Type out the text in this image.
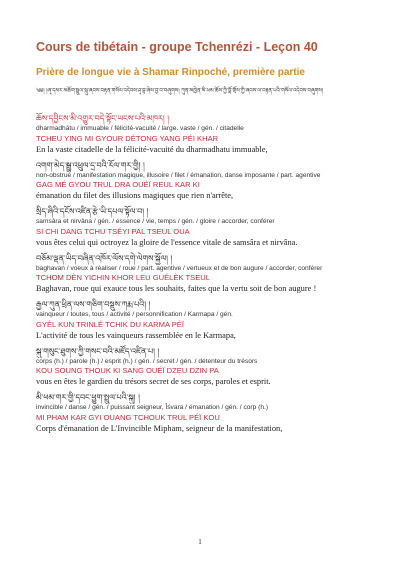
Cours de tibétain - groupe Tchenrézi - Leçon 40
Prière de longue vie à Shamar Rinpoché, première partie
༄༅། །ཞྭ་དམར་མཆོག་སྤྲུལ་སྐུ་ཞབས་བརྟན་གསོལ་འདེབས་ཤྭ་བྷ་ཞེས་བྱ་བ་བཞུགས། ཀུན་མཁྱེན་མི་ཕམ་ཆོས་ཀྱི་བློ་གྲོས་ཀྱི་ཞབས་ལ་བརྟན་པའི་གསོལ་འདེབས་བཞུགས།
ཆོས་དབྱིངས་མི་འགྱུར་བདེ་སྟོང་ཡངས་པའི་མཁར། །
dharmadhātu / immuable / félicité-vacuité / large. vaste / gén. / citadelle
TCHEU YING MI GYOUR DÈTONG YANG PÉI KHAR
En la vaste citadelle de la félicité-vacuité du dharmadhatu immuable,
འགག་མེད་སྒྱུ་འཕྲུལ་དྲ་བའི་རོལ་གར་གྱི། །
non-obstrué / manifestation magique, illusoire / filet / émanation, danse imposante / part. agentive
GAG MÉ GYOU TRUL DRA OUÉÏ REUL KAR KI
émanation du filet des illusions magiques que rien n'arrête,
སྲིད་ཞིའི་དངོས་འཛིན་རྩེ་ཡི་དཔལ་སྟོལ་བ། །
samsâra et nirvâna / gén. / essence / vie, temps / gén. / gloire / accorder, conférer
SI CHI DANG TCHU TSÉYI PAL TSEUL OUA
vous êtes celui qui octroyez la gloire de l'essence vitale de samsâra et nirvâna.
བཅོམ་ལྡན་ཡིད་བཞིན་འཁོར་ལོས་དགེ་ལེགས་སྐྱོལ། །
baghavan / voeux à réaliser / roue / part. agentive / vertueux et de bon augure / accorder, conférer
TCHOM DÈN YICHIN KHOR LEU GUÉLÈK TSEUL
Baghavan, roue qui exauce tous les souhaits, faites que la vertu soit de bon augure !
རྒྱལ་ཀུན་ཕྲིན་ལས་གཅིག་བསྡུས་ཀརྨ་པའི། །
vainqueur / toutes, tous / activité / personnification / Karmapa / gén.
GYÈL KUN TRINLÉ TCHIK DU KARMA PÉÏ
L'activité de tous les vainqueurs rassemblée en le Karmapa,
སྐུ་གསུང་ཐུགས་ཀྱི་གསང་བའི་མཛོད་འཛིན་པ། །
corps (h.) / parole (h.) / esprit (h.) / gén. / secret / gén. / détenteur du trésors
KOU SOUNG THOUK KI SANG OUÉÏ DZEU DZIN PA
vous en êtes le gardien du trésors secret de ses corps, paroles et esprit.
མི་ཕམ་གར་གྱི་དབང་ཕྱུག་སྤྲུལ་པའི་སྐུ། །
invincible / danse / gén. / puissant seigneur, Îśvara / émanation / gén. / corp (h.)
MI PHAM KAR GYI OUANG TCHOUK TRUL PÉÏ KOU
Corps d'émanation de L'Invincible Mipham, seigneur de la manifestation,
1
